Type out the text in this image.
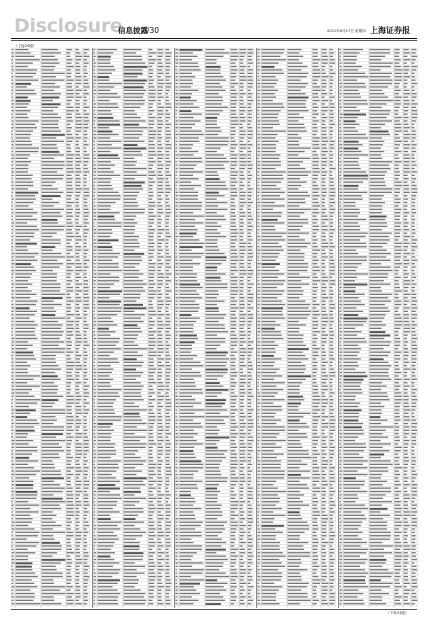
Disclosure
信息披露 /30	2021年6月17日 星期四 上海证券报
（上接29版）
（下转31版）
